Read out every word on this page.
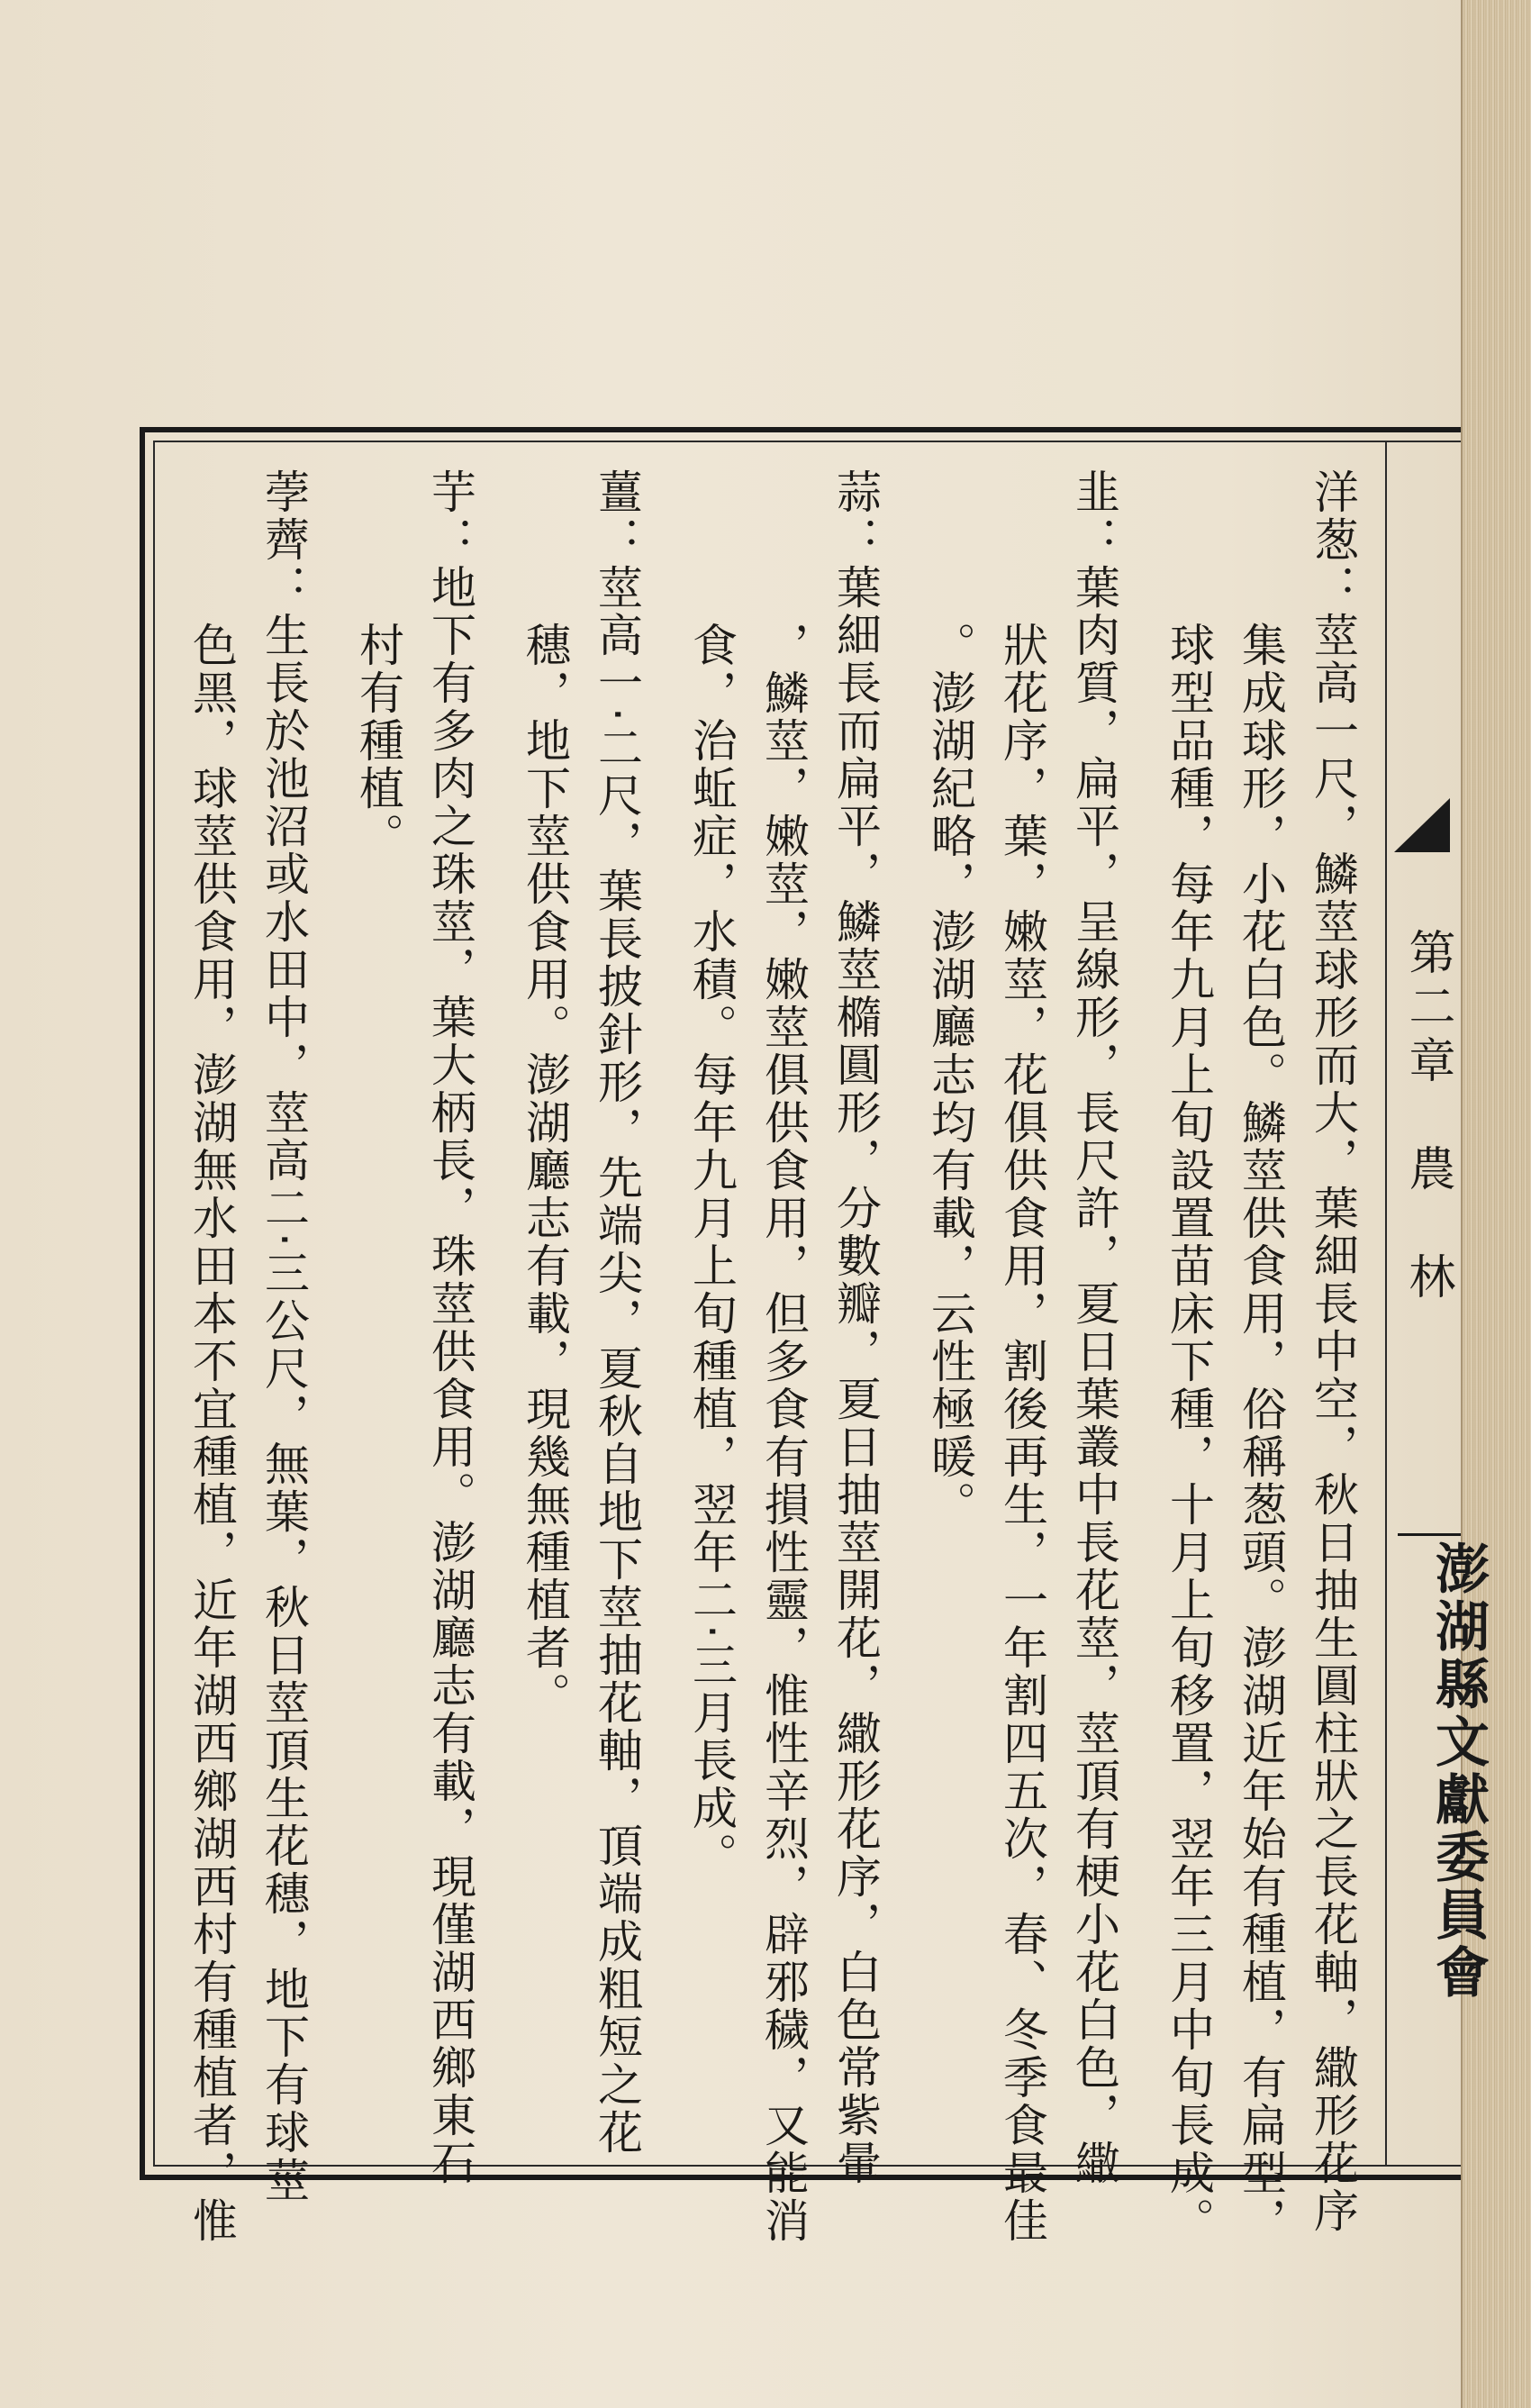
第二章　農　林
澎湖縣文獻委員會
洋葱：莖高一尺，鱗莖球形而大，葉細長中空，秋日抽生圓柱狀之長花軸，繖形花序
集成球形，小花白色。鱗莖供食用，俗稱葱頭。澎湖近年始有種植，有扁型，
球型品種，每年九月上旬設置苗床下種，十月上旬移置，翌年三月中旬長成。
韭：葉肉質，扁平，呈線形，長尺許，夏日葉叢中長花莖，莖頂有梗小花白色，繖
狀花序，葉，嫩莖，花俱供食用，割後再生，一年割四五次，春、冬季食最佳
。澎湖紀略，澎湖廳志均有載，云性極暖。
蒜：葉細長而扁平，鱗莖橢圓形，分數瓣，夏日抽莖開花，繖形花序，白色常紫暈
，鱗莖，嫩莖，嫩莖俱供食用，但多食有損性靈，惟性辛烈，辟邪穢，又能消
食，治蚯症，水積。每年九月上旬種植，翌年二‧三月長成。
薑：莖高一‧二尺，葉長披針形，先端尖，夏秋自地下莖抽花軸，頂端成粗短之花
穗，地下莖供食用。澎湖廳志有載，現幾無種植者。
芋：地下有多肉之珠莖，葉大柄長，珠莖供食用。澎湖廳志有載，現僅湖西鄉東石
村有種植。
荸薺：生長於池沼或水田中，莖高二‧三公尺，無葉，秋日莖頂生花穗，地下有球莖
色黑，球莖供食用，澎湖無水田本不宜種植，近年湖西鄉湖西村有種植者，惟
